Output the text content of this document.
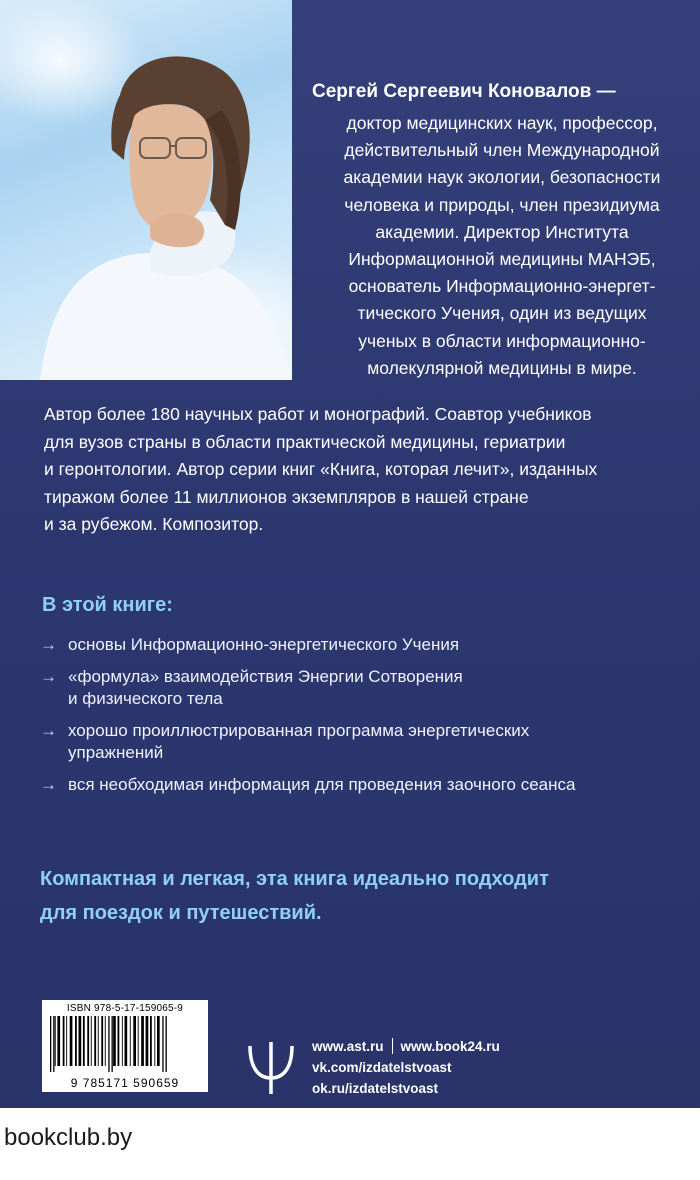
Сергей Сергеевич Коновалов —
доктор медицинских наук, профессор,
действительный член Международной
академии наук экологии, безопасности
человека и природы, член президиума
академии. Директор Института
Информационной медицины МАНЭБ,
основатель Информационно-энергет-
тического Учения, один из ведущих
ученых в области информационно-
молекулярной медицины в мире.
Автор более 180 научных работ и монографий. Соавтор учебников
для вузов страны в области практической медицины, гериатрии
и геронтологии. Автор серии книг «Книга, которая лечит», изданных
тиражом более 11 миллионов экземпляров в нашей стране
и за рубежом. Композитор.
В этой книге:
→ основы Информационно-энергетического Учения
→ «формула» взаимодействия Энергии Сотворения
и физического тела
→ хорошо проиллюстрированная программа энергетических
упражнений
→ вся необходимая информация для проведения заочного сеанса
Компактная и легкая, эта книга идеально подходит
для поездок и путешествий.
ISBN 978-5-17-159065-9
9 785171 590659
www.ast.ru www.book24.ru
vk.com/izdatelstvoast
ok.ru/izdatelstvoast
bookclub.by
